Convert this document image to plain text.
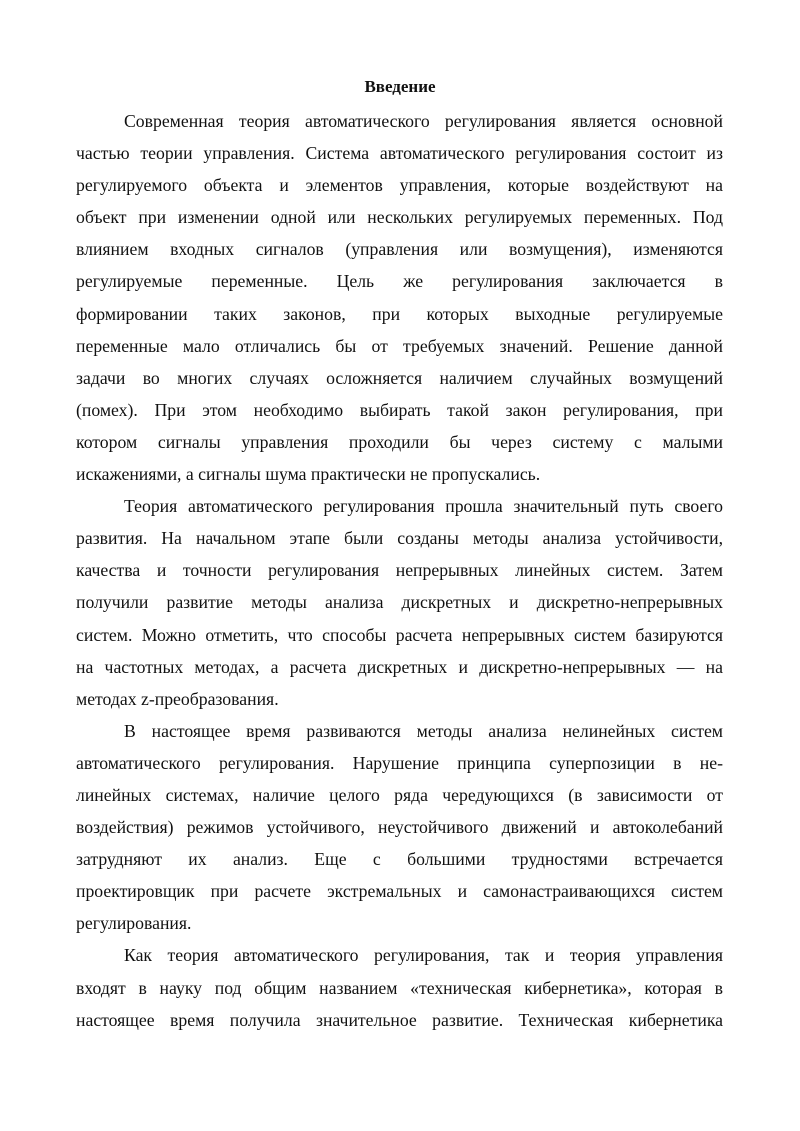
Введение
Современная теория автоматического регулирования является основной
частью теории управления. Система автоматического регулирования состоит из
регулируемого объекта и элементов управления, которые воздействуют на
объект при изменении одной или нескольких регулируемых переменных. Под
влиянием входных сигналов (управления или возмущения), изменяются
регулируемые переменные. Цель же регулирования заключается в
формировании таких законов, при которых выходные регулируемые
переменные мало отличались бы от требуемых значений. Решение данной
задачи во многих случаях осложняется наличием случайных возмущений
(помех). При этом необходимо выбирать такой закон регулирования, при
котором сигналы управления проходили бы через систему с малыми
искажениями, а сигналы шума практически не пропускались.
Теория автоматического регулирования прошла значительный путь своего
развития. На начальном этапе были созданы методы анализа устойчивости,
качества и точности регулирования непрерывных линейных систем. Затем
получили развитие методы анализа дискретных и дискретно-непрерывных
систем. Можно отметить, что способы расчета непрерывных систем базируются
на частотных методах, а расчета дискретных и дискретно-непрерывных — на
методах z-преобразования.
В настоящее время развиваются методы анализа нелинейных систем
автоматического регулирования. Нарушение принципа суперпозиции в не-
линейных системах, наличие целого ряда чередующихся (в зависимости от
воздействия) режимов устойчивого, неустойчивого движений и автоколебаний
затрудняют их анализ. Еще с большими трудностями встречается
проектировщик при расчете экстремальных и самонастраивающихся систем
регулирования.
Как теория автоматического регулирования, так и теория управления
входят в науку под общим названием «техническая кибернетика», которая в
настоящее время получила значительное развитие. Техническая кибернетика
